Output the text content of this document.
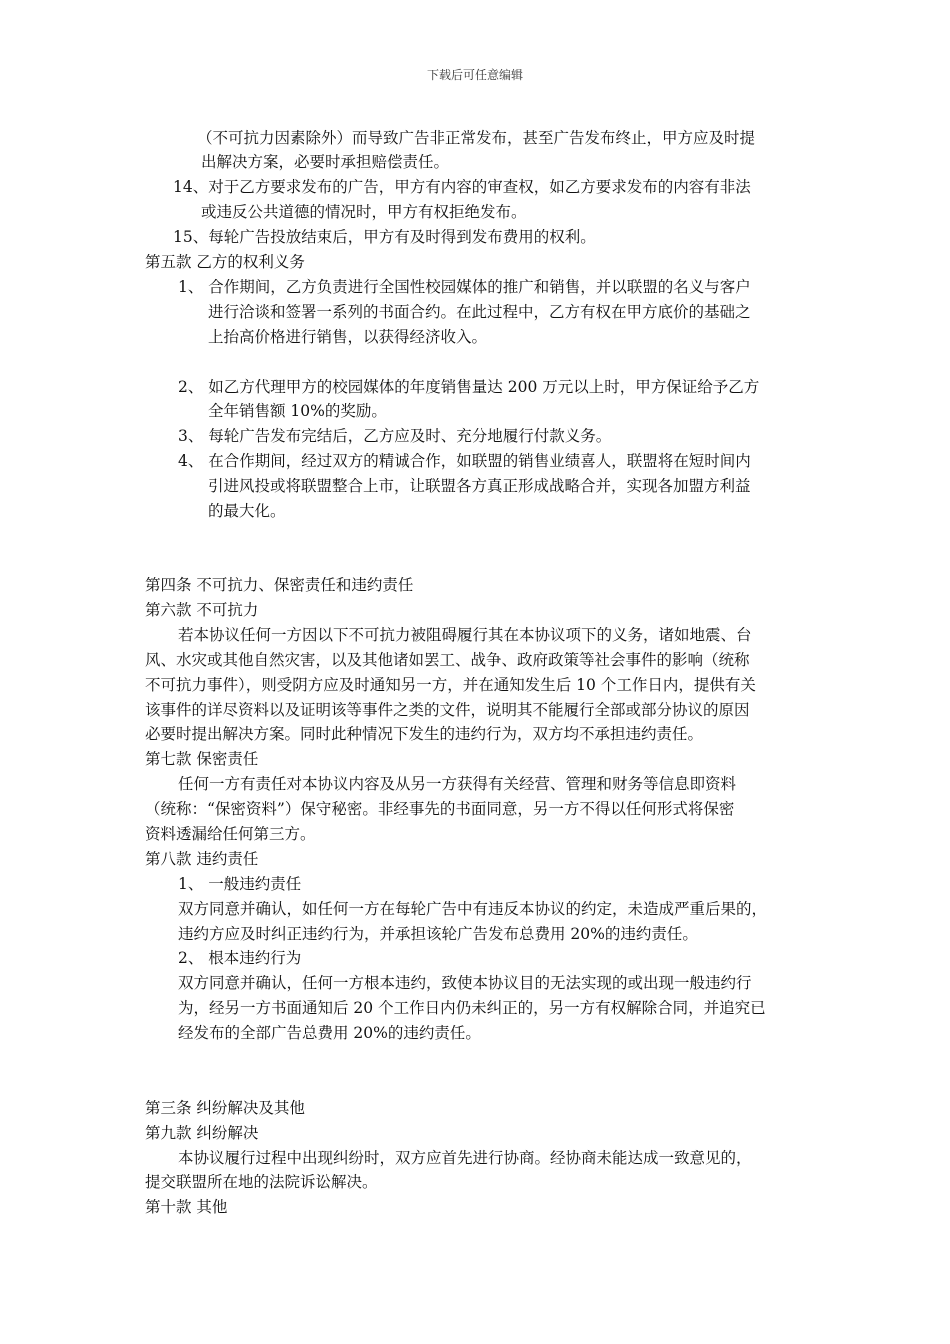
下载后可任意编辑
（不可抗力因素除外）而导致广告非正常发布，甚至广告发布终止，甲方应及时提
出解决方案，必要时承担赔偿责任。
14、对于乙方要求发布的广告，甲方有内容的审查权，如乙方要求发布的内容有非法
或违反公共道德的情况时，甲方有权拒绝发布。
15、每轮广告投放结束后，甲方有及时得到发布费用的权利。
第五款 乙方的权利义务
1、 合作期间，乙方负责进行全国性校园媒体的推广和销售，并以联盟的名义与客户
进行洽谈和签署一系列的书面合约。在此过程中，乙方有权在甲方底价的基础之
上抬高价格进行销售，以获得经济收入。
2、 如乙方代理甲方的校园媒体的年度销售量达 200 万元以上时，甲方保证给予乙方
全年销售额 10%的奖励。
3、 每轮广告发布完结后，乙方应及时、充分地履行付款义务。
4、 在合作期间，经过双方的精诚合作，如联盟的销售业绩喜人，联盟将在短时间内
引进风投或将联盟整合上市，让联盟各方真正形成战略合并，实现各加盟方利益
的最大化。
第四条 不可抗力、保密责任和违约责任
第六款 不可抗力
若本协议任何一方因以下不可抗力被阻碍履行其在本协议项下的义务，诸如地震、台
风、水灾或其他自然灾害，以及其他诸如罢工、战争、政府政策等社会事件的影响（统称
不可抗力事件），则受阴方应及时通知另一方，并在通知发生后 10 个工作日内，提供有关
该事件的详尽资料以及证明该等事件之类的文件，说明其不能履行全部或部分协议的原因
必要时提出解决方案。同时此种情况下发生的违约行为，双方均不承担违约责任。
第七款 保密责任
任何一方有责任对本协议内容及从另一方获得有关经营、管理和财务等信息即资料
（统称：“保密资料”）保守秘密。非经事先的书面同意，另一方不得以任何形式将保密
资料透漏给任何第三方。
第八款 违约责任
1、 一般违约责任
双方同意并确认，如任何一方在每轮广告中有违反本协议的约定，未造成严重后果的，
违约方应及时纠正违约行为，并承担该轮广告发布总费用 20%的违约责任。
2、 根本违约行为
双方同意并确认，任何一方根本违约，致使本协议目的无法实现的或出现一般违约行
为，经另一方书面通知后 20 个工作日内仍未纠正的，另一方有权解除合同，并追究已
经发布的全部广告总费用 20%的违约责任。
第三条 纠纷解决及其他
第九款 纠纷解决
本协议履行过程中出现纠纷时，双方应首先进行协商。经协商未能达成一致意见的，
提交联盟所在地的法院诉讼解决。
第十款 其他
